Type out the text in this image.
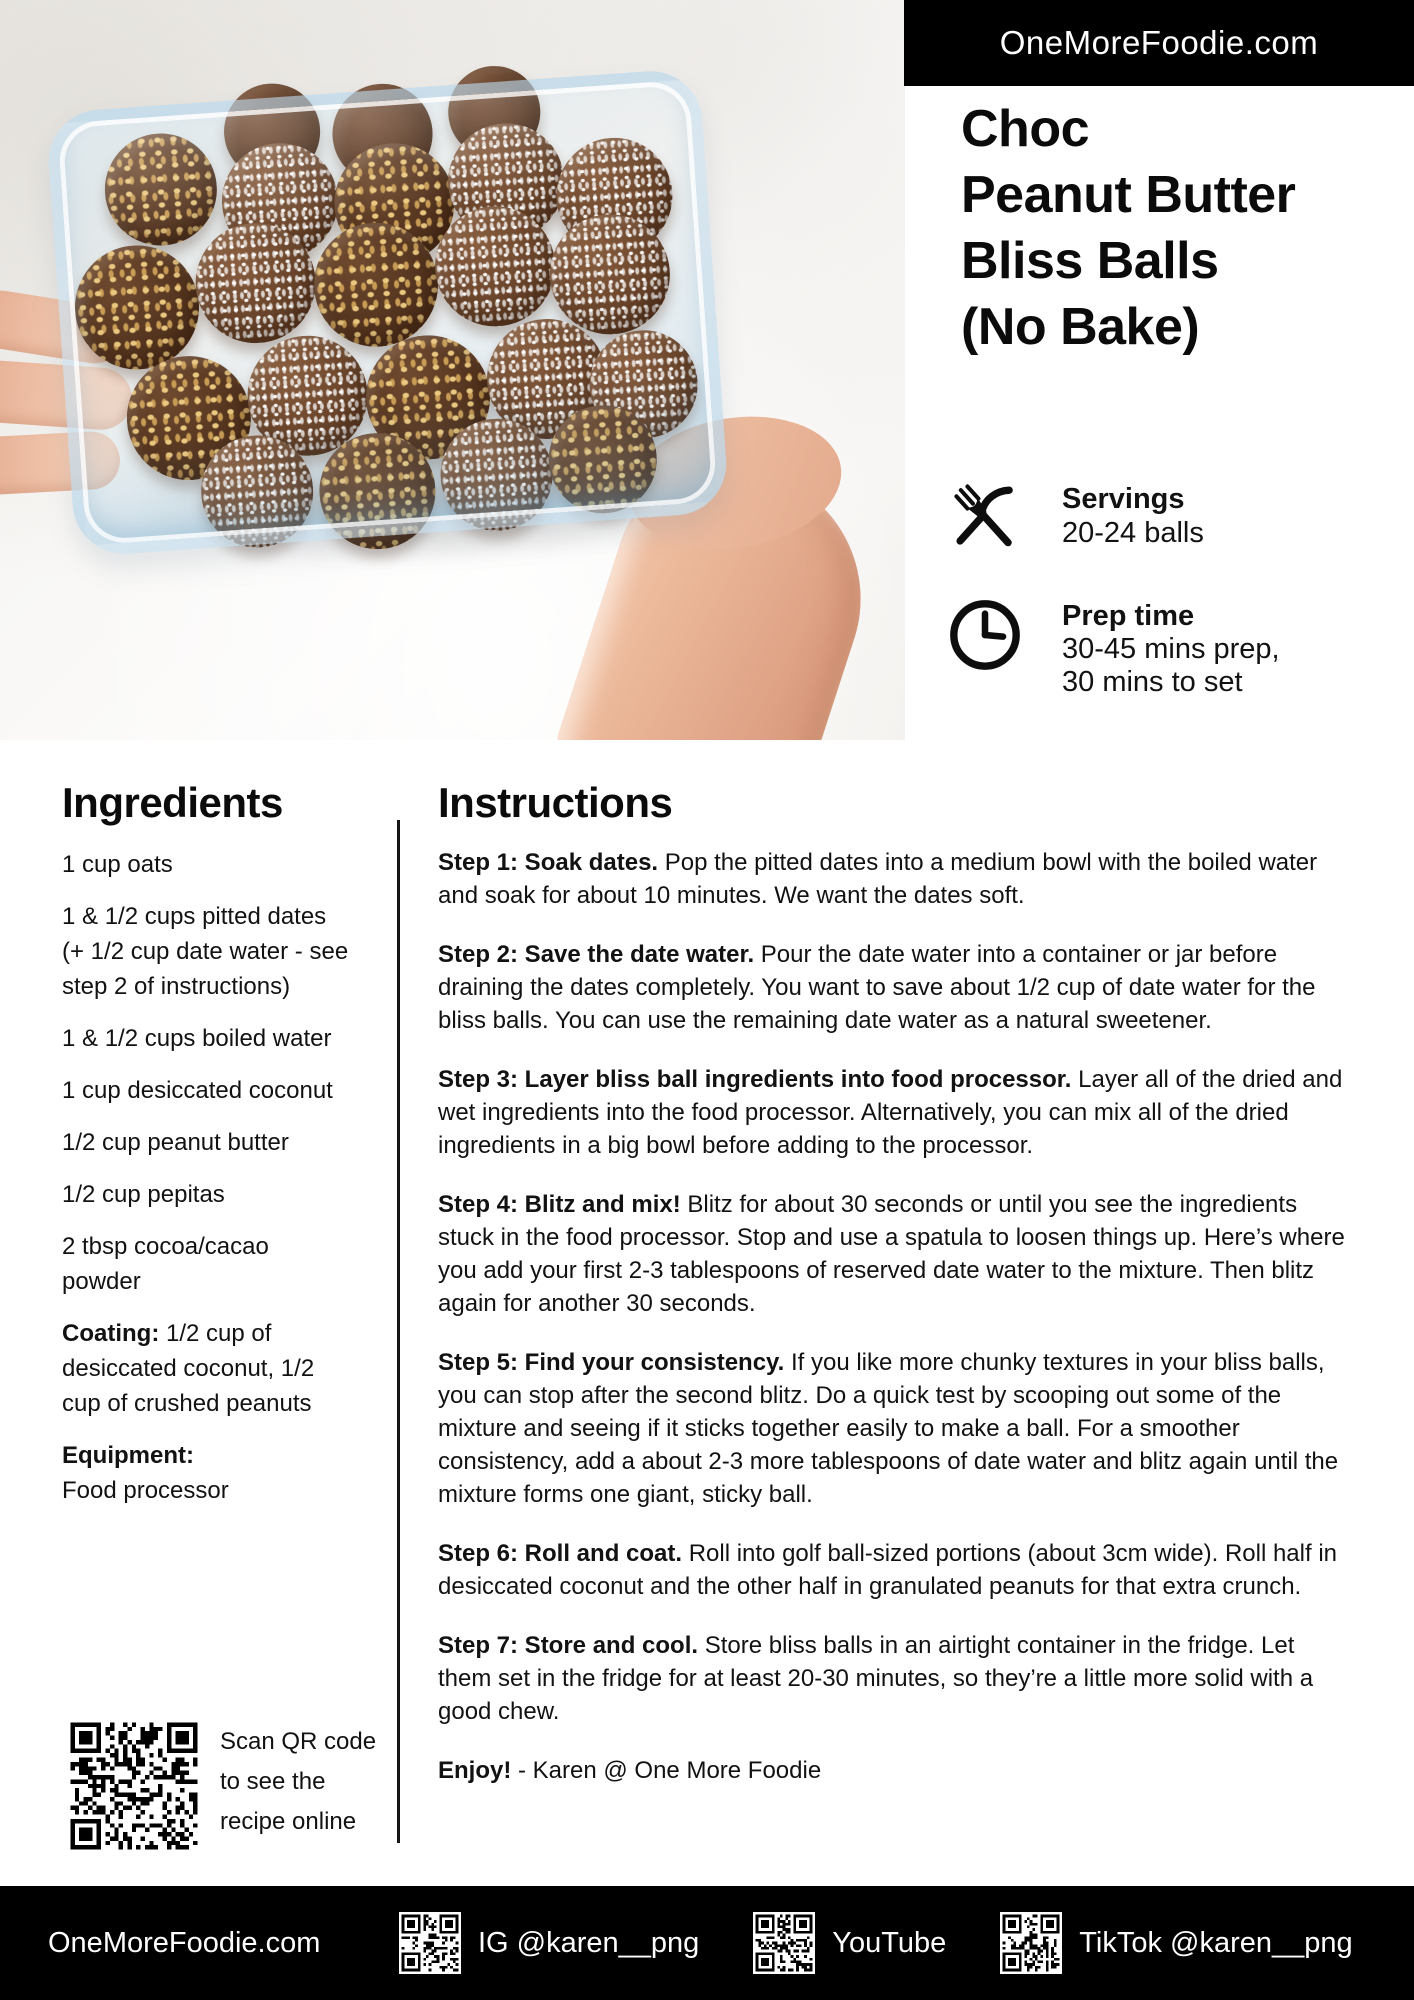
OneMoreFoodie.com
Choc
Peanut Butter
Bliss Balls
(No Bake)
Servings
20-24 balls
Prep time
30-45 mins prep,
30 mins to set
Ingredients
1 cup oats
1 & 1/2 cups pitted dates (+ 1/2 cup date water - see step 2 of instructions)
1 & 1/2 cups boiled water
1 cup desiccated coconut
1/2 cup peanut butter
1/2 cup pepitas
2 tbsp cocoa/cacao powder
Coating: 1/2 cup of desiccated coconut, 1/2 cup of crushed peanuts
Equipment:
Food processor
Instructions
Step 1: Soak dates. Pop the pitted dates into a medium bowl with the boiled water and soak for about 10 minutes. We want the dates soft.
Step 2: Save the date water. Pour the date water into a container or jar before draining the dates completely. You want to save about 1/2 cup of date water for the bliss balls. You can use the remaining date water as a natural sweetener.
Step 3: Layer bliss ball ingredients into food processor. Layer all of the dried and wet ingredients into the food processor. Alternatively, you can mix all of the dried ingredients in a big bowl before adding to the processor.
Step 4: Blitz and mix! Blitz for about 30 seconds or until you see the ingredients stuck in the food processor. Stop and use a spatula to loosen things up. Here’s where you add your first 2-3 tablespoons of reserved date water to the mixture. Then blitz again for another 30 seconds.
Step 5: Find your consistency. If you like more chunky textures in your bliss balls, you can stop after the second blitz. Do a quick test by scooping out some of the mixture and seeing if it sticks together easily to make a ball. For a smoother consistency, add a about 2-3 more tablespoons of date water and blitz again until the mixture forms one giant, sticky ball.
Step 6: Roll and coat. Roll into golf ball-sized portions (about 3cm wide). Roll half in desiccated coconut and the other half in granulated peanuts for that extra crunch.
Step 7: Store and cool. Store bliss balls in an airtight container in the fridge. Let them set in the fridge for at least 20-30 minutes, so they’re a little more solid with a good chew.
Enjoy! - Karen @ One More Foodie
Scan QR code to see the recipe online
OneMoreFoodie.com	IG @karen__png	YouTube	TikTok @karen__png
